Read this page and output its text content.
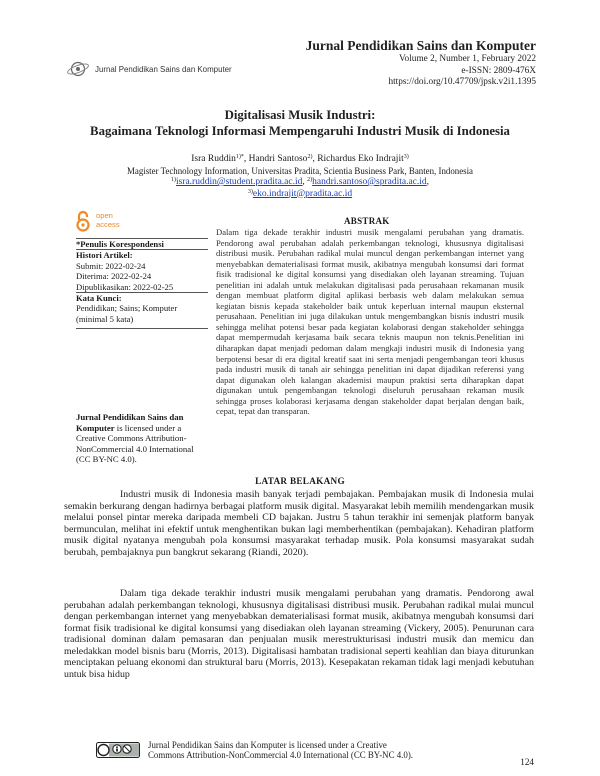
Jurnal Pendidikan Sains dan Komputer
Jurnal Pendidikan Sains dan Komputer
Volume 2, Number 1, February 2022
e-ISSN: 2809-476X
https://doi.org/10.47709/jpsk.v2i1.1395
Digitalisasi Musik Industri:
Bagaimana Teknologi Informasi Mempengaruhi Industri Musik di Indonesia
Isra Ruddin$^{1)*}$, Handri Santoso$^{2)}$, Richardus Eko Indrajit$^{3)}$
Magister Technology Information, Universitas Pradita, Scientia Business Park, Banten, Indonesia
$^{1)}$isra.ruddin@student.pradita.ac.id, $^{2)}$handri.santoso@spradita.ac.id,
$^{3)}$eko.indrajit@pradita.ac.id
open
access
*Penulis Korespondensi
Histori Artikel:
Submit: 2022-02-24
Diterima: 2022-02-24
Dipublikasikan: 2022-02-25
Kata Kunci:
Pendidikan; Sains; Komputer (minimal 5 kata)
Jurnal Pendidikan Sains dan Komputer is licensed under a Creative Commons Attribution-NonCommercial 4.0 International (CC BY-NC 4.0).
ABSTRAK
Dalam tiga dekade terakhir industri musik mengalami perubahan yang dramatis. Pendorong awal perubahan adalah perkembangan teknologi, khususnya digitalisasi distribusi musik. Perubahan radikal mulai muncul dengan perkembangan internet yang menyebabkan dematerialisasi format musik, akibatnya mengubah konsumsi dari format fisik tradisional ke digital konsumsi yang disediakan oleh layanan streaming. Tujuan penelitian ini adalah untuk melakukan digitalisasi pada perusahaan rekamanan musik dengan membuat platform digital aplikasi berbasis web dalam melakukan semua kegiatan bisnis kepada stakeholder baik untuk keperluan internal maupun eksternal perusahaan. Penelitian ini juga dilakukan untuk mengembangkan bisnis industri musik sehingga melihat potensi besar pada kegiatan kolaborasi dengan stakeholder sehingga dapat mempermudah kerjasama baik secara teknis maupun non teknis.Penelitian ini diharapkan dapat menjadi pedoman dalam mengkaji industri musik di Indonesia yang berpotensi besar di era digital kreatif saat ini serta menjadi pengembangan teori khusus pada industri musik di tanah air sehingga penelitian ini dapat dijadikan referensi yang dapat digunakan oleh kalangan akademisi maupun praktisi serta diharapkan dapat digunakan untuk pengembangan teknologi diseluruh perusahaan rekaman musik sehingga proses kolaborasi kerjasama dengan stakeholder dapat berjalan dengan baik, cepat, tepat dan transparan.
LATAR BELAKANG
Industri musik di Indonesia masih banyak terjadi pembajakan. Pembajakan musik di Indonesia mulai semakin berkurang dengan hadirnya berbagai platform musik digital. Masyarakat lebih memilih mendengarkan musik melalui ponsel pintar mereka daripada membeli CD bajakan. Justru 5 tahun terakhir ini semenjak platform banyak bermunculan, melihat ini efektif untuk menghentikan bukan lagi memberhentikan (pembajakan). Kehadiran platform musik digital nyatanya mengubah pola konsumsi masyarakat terhadap musik. Pola konsumsi masyarakat sudah berubah, pembajaknya pun bangkrut sekarang (Riandi, 2020).
Dalam tiga dekade terakhir industri musik mengalami perubahan yang dramatis. Pendorong awal perubahan adalah perkembangan teknologi, khususnya digitalisasi distribusi musik. Perubahan radikal mulai muncul dengan perkembangan internet yang menyebabkan dematerialisasi format musik, akibatnya mengubah konsumsi dari format fisik tradisional ke digital konsumsi yang disediakan oleh layanan streaming (Vickery, 2005). Penurunan cara tradisional dominan dalam pemasaran dan penjualan musik merestrukturisasi industri musik dan memicu dan meledakkan model bisnis baru (Morris, 2013). Digitalisasi hambatan tradisional seperti keahlian dan biaya diturunkan menciptakan peluang ekonomi dan struktural baru (Morris, 2013). Kesepakatan rekaman tidak lagi menjadi kebutuhan untuk bisa hidup
Jurnal Pendidikan Sains dan Komputer is licensed under a Creative
Commons Attribution-NonCommercial 4.0 International (CC BY-NC 4.0).
124
